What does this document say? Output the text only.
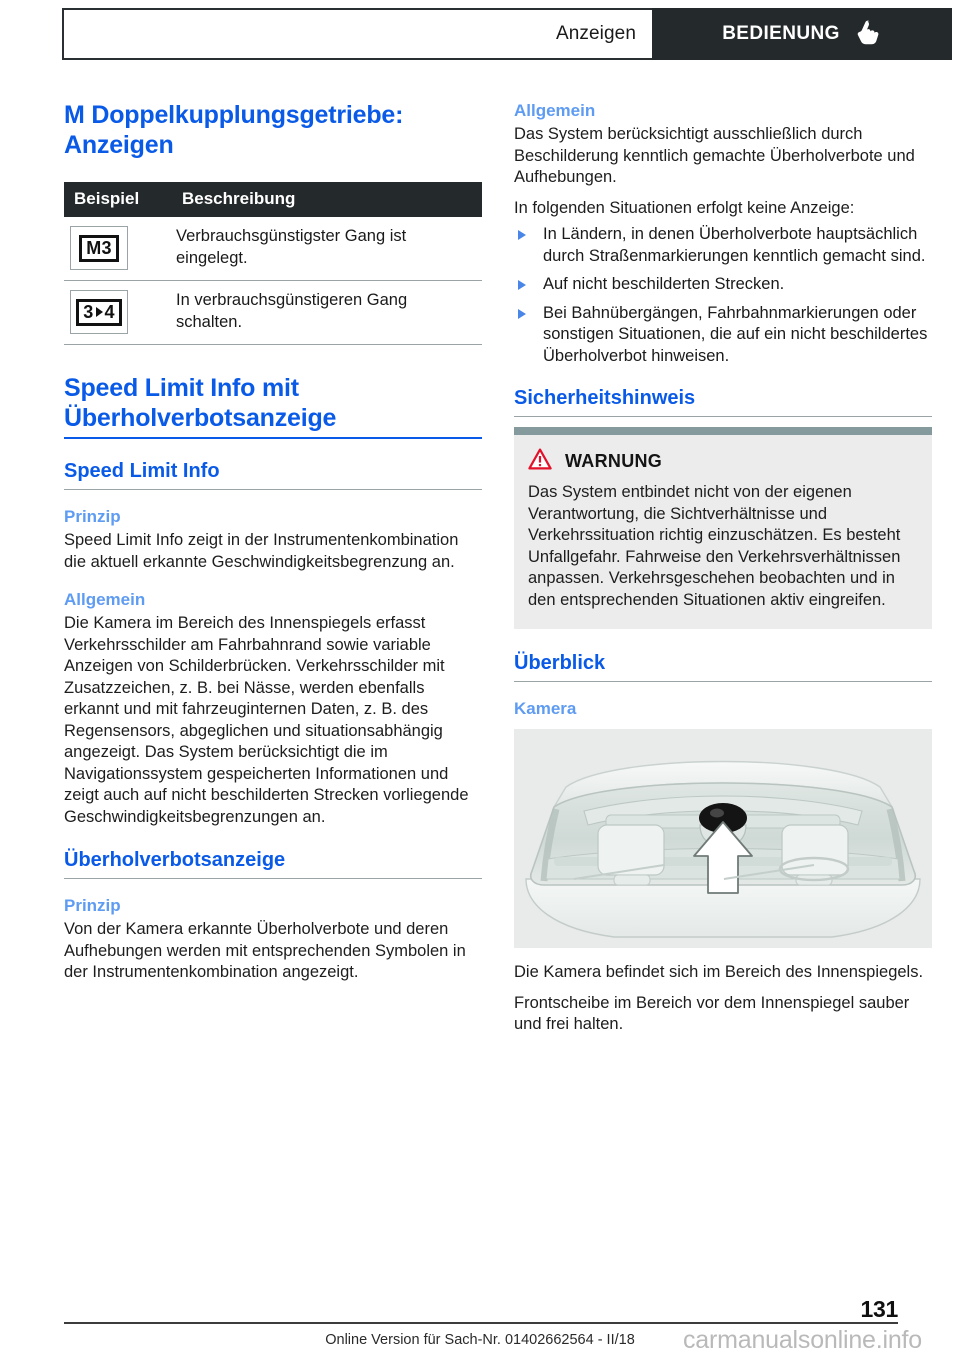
Anzeigen	BEDIENUNG
M Doppelkupplungsgetriebe: Anzeigen
Beispiel	Beschreibung

M3	Verbrauchsgünstigster Gang ist eingelegt.

3 4	In verbrauchsgünstigeren Gang schalten.
Speed Limit Info mit Überholverbotsanzeige
Speed Limit Info
Prinzip

Speed Limit Info zeigt in der Instrumentenkombination die aktuell erkannte Geschwindigkeitsbegrenzung an.

Allgemein

Die Kamera im Bereich des Innenspiegels erfasst Verkehrsschilder am Fahrbahnrand sowie variable Anzeigen von Schilderbrücken. Verkehrsschilder mit Zusatzzeichen, z. B. bei Nässe, werden ebenfalls erkannt und mit fahrzeuginternen Daten, z. B. des Regensensors, abgeglichen und situationsabhängig angezeigt. Das System berücksichtigt die im Navigationssystem gespeicherten Informationen und zeigt auch auf nicht beschilderten Strecken vorliegende Geschwindigkeitsbegrenzungen an.

Überholverbotsanzeige
Prinzip

Von der Kamera erkannte Überholverbote und deren Aufhebungen werden mit entsprechenden Symbolen in der Instrumentenkombination angezeigt.

Allgemein

Das System berücksichtigt ausschließlich durch Beschilderung kenntlich gemachte Überholverbote und Aufhebungen.

In folgenden Situationen erfolgt keine Anzeige:

In Ländern, in denen Überholverbote hauptsächlich durch Straßenmarkierungen kenntlich gemacht sind.
Auf nicht beschilderten Strecken.
Bei Bahnübergängen, Fahrbahnmarkierungen oder sonstigen Situationen, die auf ein nicht beschildertes Überholverbot hinweisen.
Sicherheitshinweis
WARNUNG

Das System entbindet nicht von der eigenen Verantwortung, die Sichtverhältnisse und Verkehrssituation richtig einzuschätzen. Es besteht Unfallgefahr. Fahrweise den Verkehrsverhältnissen anpassen. Verkehrsgeschehen beobachten und in den entsprechenden Situationen aktiv eingreifen.

Überblick
Kamera

Die Kamera befindet sich im Bereich des Innenspiegels.

Frontscheibe im Bereich vor dem Innenspiegel sauber und frei halten.

131
Online Version für Sach-Nr. 01402662564 - II/18	carmanualsonline.info
